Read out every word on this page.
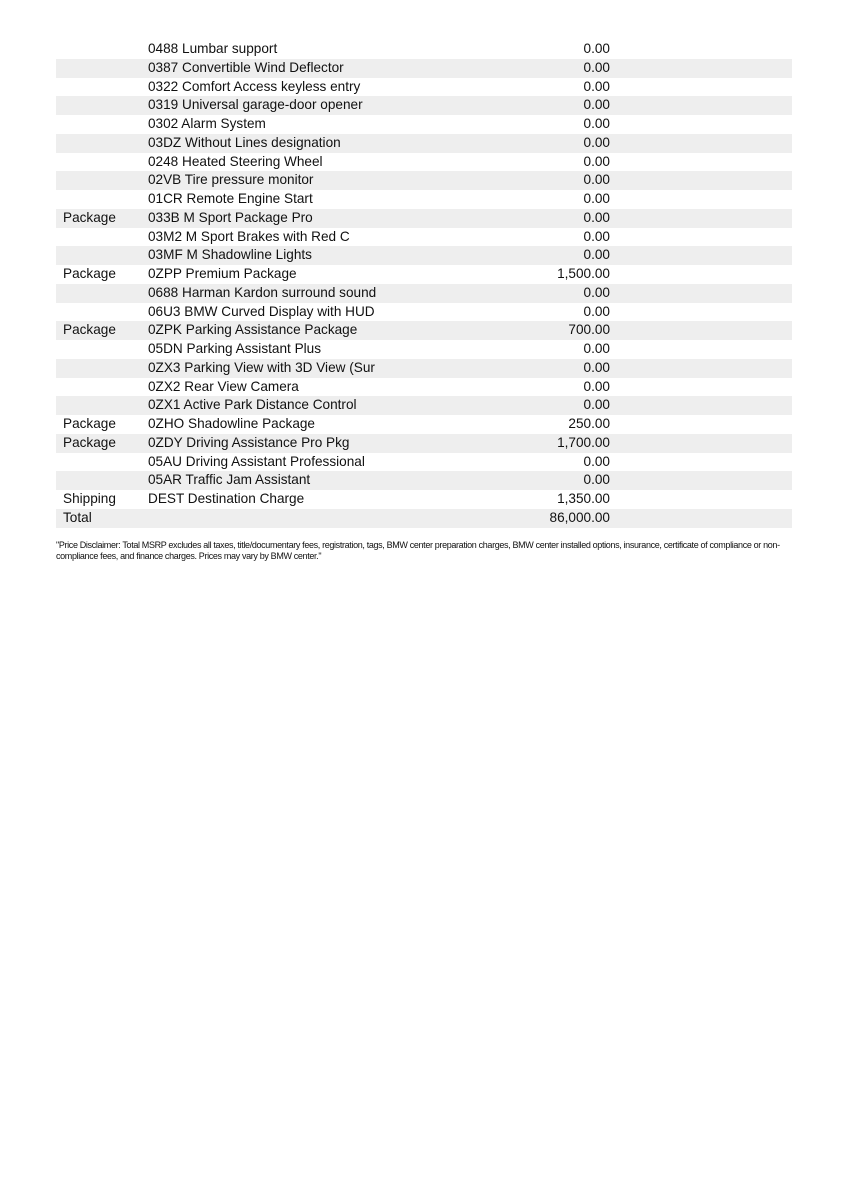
0488 Lumbar support	0.00
0387 Convertible Wind Deflector	0.00
0322 Comfort Access keyless entry	0.00
0319 Universal garage-door opener	0.00
0302 Alarm System	0.00
03DZ Without Lines designation	0.00
0248 Heated Steering Wheel	0.00
02VB Tire pressure monitor	0.00
01CR Remote Engine Start	0.00
Package	033B M Sport Package Pro	0.00
03M2 M Sport Brakes with Red C	0.00
03MF M Shadowline Lights	0.00
Package	0ZPP Premium Package	1,500.00
0688 Harman Kardon surround sound	0.00
06U3 BMW Curved Display with HUD	0.00
Package	0ZPK Parking Assistance Package	700.00
05DN Parking Assistant Plus	0.00
0ZX3 Parking View with 3D View (Sur	0.00
0ZX2 Rear View Camera	0.00
0ZX1 Active Park Distance Control	0.00
Package	0ZHO Shadowline Package	250.00
Package	0ZDY Driving Assistance Pro Pkg	1,700.00
05AU Driving Assistant Professional	0.00
05AR Traffic Jam Assistant	0.00
Shipping	DEST Destination Charge	1,350.00
Total	86,000.00
"Price Disclaimer: Total MSRP excludes all taxes, title/documentary fees, registration, tags, BMW center preparation charges, BMW center installed options, insurance, certificate of compliance or non-compliance fees, and finance charges. Prices may vary by BMW center."
